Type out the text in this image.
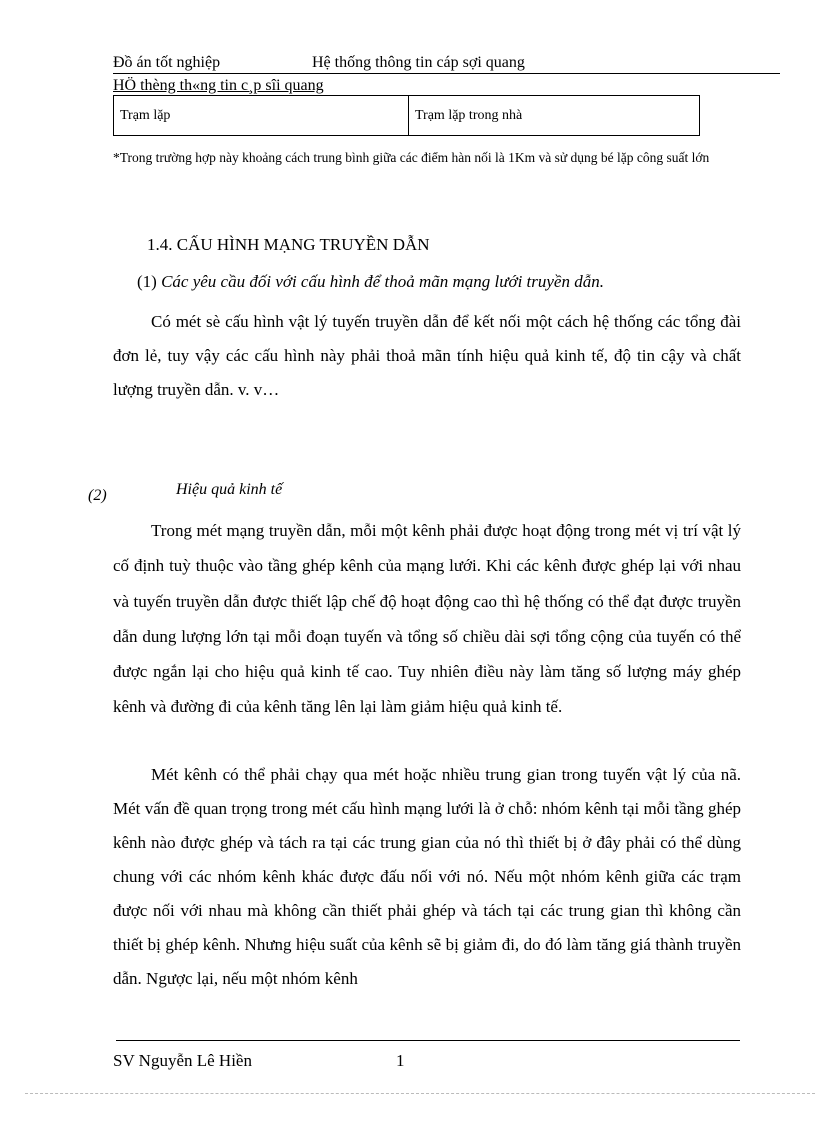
Đồ án tốt nghiệp	Hệ thống thông tin cáp sợi quang
HÖ thèng th«ng tin c¸p sîi quang
Trạm lặp	Trạm lặp trong nhà
*Trong trường hợp này khoảng cách trung bình giữa các điểm hàn nối là 1Km và sử dụng bé lặp công suất lớn
1.4. CẤU HÌNH MẠNG TRUYỀN DẪN
(1) Các yêu cầu đối với cấu hình để thoả mãn mạng lưới truyền dẫn.
Có mét sè cấu hình vật lý tuyến truyền dẫn để kết nối một cách hệ thống các tổng đài đơn lẻ, tuy vậy các cấu hình này phải thoả mãn tính hiệu quả kinh tế, độ tin cậy và chất lượng truyền dẫn. v. v…
(2)	Hiệu quả kinh tế
Trong mét mạng truyền dẫn, mỗi một kênh phải được hoạt động trong mét vị trí vật lý cố định tuỳ thuộc vào tầng ghép kênh của mạng lưới. Khi các kênh được ghép lại với nhau và tuyến truyền dẫn được thiết lập chế độ hoạt động cao thì hệ thống có thể đạt được truyền dẫn dung lượng lớn tại mỗi đoạn tuyến và tổng số chiều dài sợi tổng cộng của tuyến có thể được ngắn lại cho hiệu quả kinh tế cao. Tuy nhiên điều này làm tăng số lượng máy ghép kênh và đường đi của kênh tăng lên lại làm giảm hiệu quả kinh tế.
Mét kênh có thể phải chạy qua mét hoặc nhiều trung gian trong tuyến vật lý của nã. Mét vấn đề quan trọng trong mét cấu hình mạng lưới là ở chỗ: nhóm kênh tại mỗi tầng ghép kênh nào được ghép và tách ra tại các trung gian của nó thì thiết bị ở đây phải có thể dùng chung với các nhóm kênh khác được đấu nối với nó. Nếu một nhóm kênh giữa các trạm được nối với nhau mà không cần thiết phải ghép và tách tại các trung gian thì không cần thiết bị ghép kênh. Nhưng hiệu suất của kênh sẽ bị giảm đi, do đó làm tăng giá thành truyền dẫn. Ngược lại, nếu một nhóm kênh
SV Nguyễn Lê Hiền	1
